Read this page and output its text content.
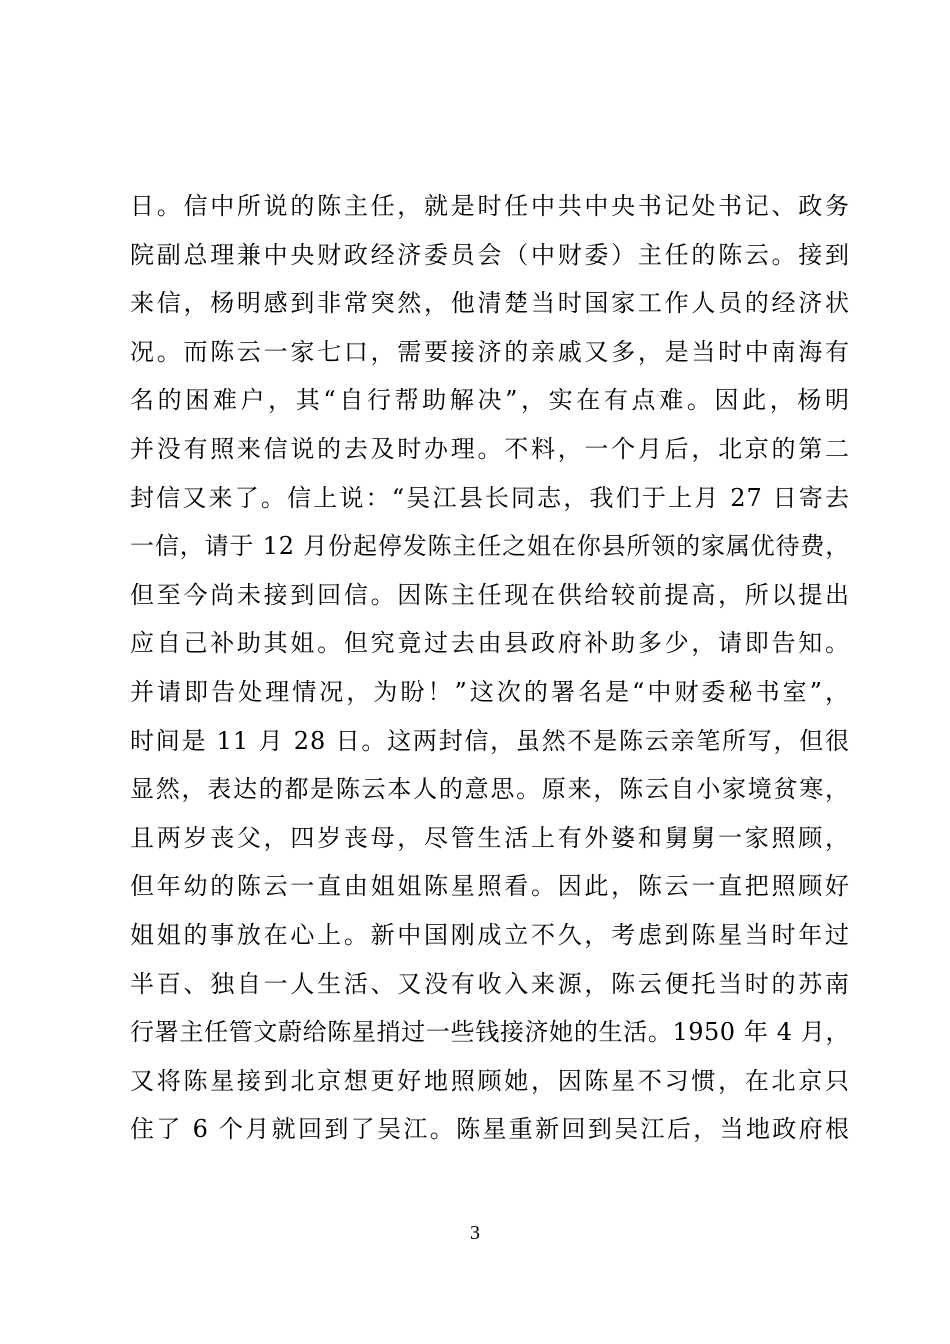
日。信中所说的陈主任，就是时任中共中央书记处书记、政务
院副总理兼中央财政经济委员会（中财委）主任的陈云。接到
来信，杨明感到非常突然，他清楚当时国家工作人员的经济状
况。而陈云一家七口，需要接济的亲戚又多，是当时中南海有
名的困难户，其“自行帮助解决”，实在有点难。因此，杨明
并没有照来信说的去及时办理。不料，一个月后，北京的第二
封信又来了。信上说：“吴江县长同志，我们于上月 27 日寄去
一信，请于 12 月份起停发陈主任之姐在你县所领的家属优待费，
但至今尚未接到回信。因陈主任现在供给较前提高，所以提出
应自己补助其姐。但究竟过去由县政府补助多少，请即告知。
并请即告处理情况，为盼！”这次的署名是“中财委秘书室”，
时间是 11 月 28 日。这两封信，虽然不是陈云亲笔所写，但很
显然，表达的都是陈云本人的意思。原来，陈云自小家境贫寒，
且两岁丧父，四岁丧母，尽管生活上有外婆和舅舅一家照顾，
但年幼的陈云一直由姐姐陈星照看。因此，陈云一直把照顾好
姐姐的事放在心上。新中国刚成立不久，考虑到陈星当时年过
半百、独自一人生活、又没有收入来源，陈云便托当时的苏南
行署主任管文蔚给陈星捎过一些钱接济她的生活。1950 年 4 月，
又将陈星接到北京想更好地照顾她，因陈星不习惯，在北京只
住了 6 个月就回到了吴江。陈星重新回到吴江后，当地政府根
3
